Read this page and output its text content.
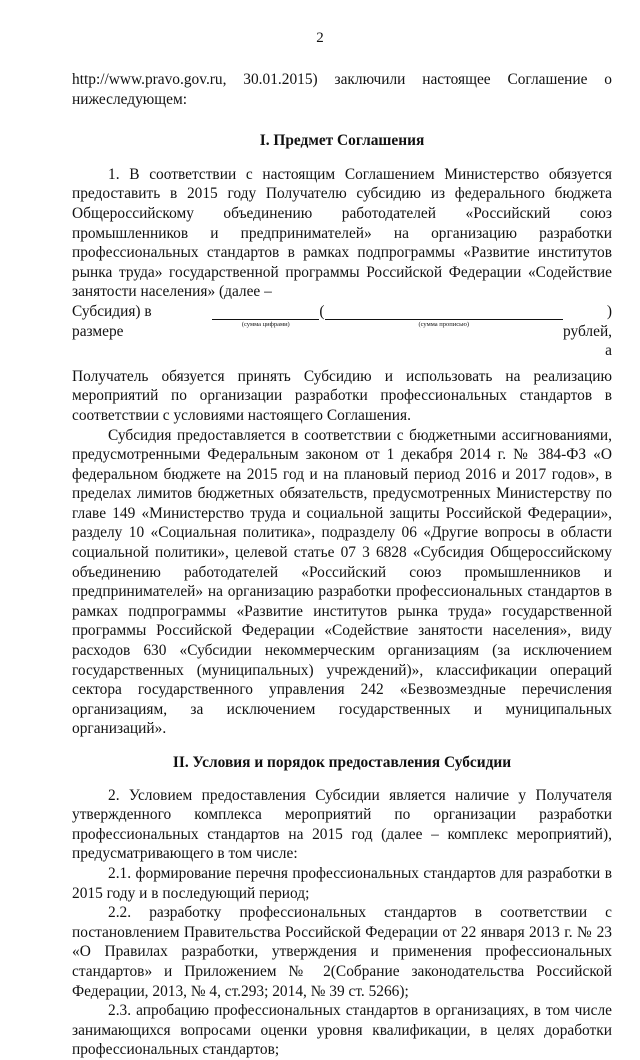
2

http://www.pravo.gov.ru, 30.01.2015) заключили настоящее Соглашение о нижеследующем:

I. Предмет Соглашения

1. В соответствии с настоящим Соглашением Министерство обязуется предоставить в 2015 году Получателю субсидию из федерального бюджета Общероссийскому объединению работодателей «Российский союз промышленников и предпринимателей» на организацию разработки профессиональных стандартов в рамках подпрограммы «Развитие институтов рынка труда» государственной программы Российской Федерации «Содействие занятости населения» (далее –

Субсидия) в размере	(сумма цифрами)
(
(сумма прописью)
) рублей, а

Получатель обязуется принять Субсидию и использовать на реализацию мероприятий по организации разработки профессиональных стандартов в соответствии с условиями настоящего Соглашения.

Субсидия предоставляется в соответствии с бюджетными ассигнованиями, предусмотренными Федеральным законом от 1 декабря 2014 г. № 384-ФЗ «О федеральном бюджете на 2015 год и на плановый период 2016 и 2017 годов», в пределах лимитов бюджетных обязательств, предусмотренных Министерству по главе 149 «Министерство труда и социальной защиты Российской Федерации», разделу 10 «Социальная политика», подразделу 06 «Другие вопросы в области социальной политики», целевой статье 07 3 6828 «Субсидия Общероссийскому объединению работодателей «Российский союз промышленников и предпринимателей» на организацию разработки профессиональных стандартов в рамках подпрограммы «Развитие институтов рынка труда» государственной программы Российской Федерации «Содействие занятости населения», виду расходов 630 «Субсидии некоммерческим организациям (за исключением государственных (муниципальных) учреждений)», классификации операций сектора государственного управления 242 «Безвозмездные перечисления организациям, за исключением государственных и муниципальных организаций».

II. Условия и порядок предоставления Субсидии

2. Условием предоставления Субсидии является наличие у Получателя утвержденного комплекса мероприятий по организации разработки профессиональных стандартов на 2015 год (далее – комплекс мероприятий), предусматривающего в том числе:

2.1. формирование перечня профессиональных стандартов для разработки в 2015 году и в последующий период;

2.2. разработку профессиональных стандартов в соответствии с постановлением Правительства Российской Федерации от 22 января 2013 г. № 23 «О Правилах разработки, утверждения и применения профессиональных стандартов» и Приложением № 2(Собрание законодательства Российской Федерации, 2013, № 4, ст.293; 2014, № 39 ст. 5266);

2.3. апробацию профессиональных стандартов в организациях, в том числе занимающихся вопросами оценки уровня квалификации, в целях доработки профессиональных стандартов;
